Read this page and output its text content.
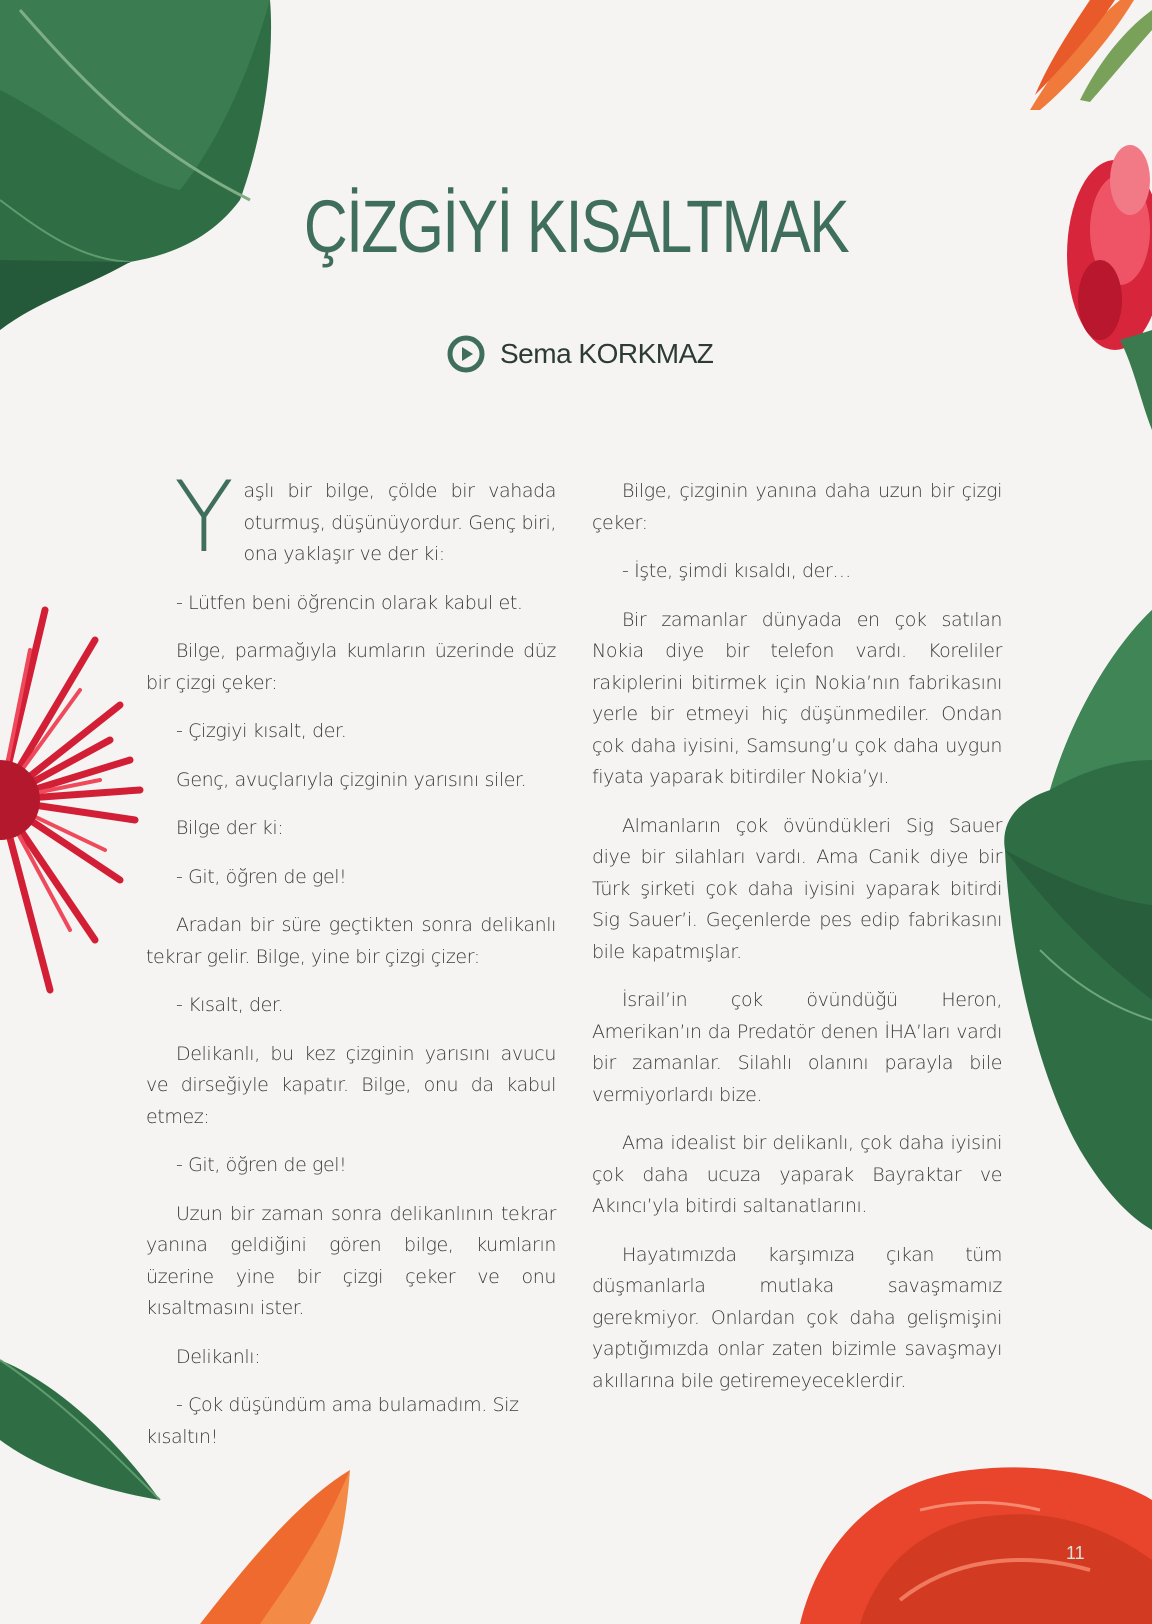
ÇİZGİYİ KISALTMAK
Sema KORKMAZ

Yaşlı bir bilge, çölde bir vahada oturmuş, düşünüyordur. Genç biri, ona yaklaşır ve der ki:

- Lütfen beni öğrencin olarak kabul et.

Bilge, parmağıyla kumların üzerinde düz bir çizgi çeker:

- Çizgiyi kısalt, der.

Genç, avuçlarıyla çizginin yarısını siler.

Bilge der ki:

- Git, öğren de gel!

Aradan bir süre geçtikten sonra delikanlı tekrar gelir. Bilge, yine bir çizgi çizer:

- Kısalt, der.

Delikanlı, bu kez çizginin yarısını avucu ve dirseğiyle kapatır. Bilge, onu da kabul etmez:

- Git, öğren de gel!

Uzun bir zaman sonra delikanlının tekrar yanına geldiğini gören bilge, kumların üzerine yine bir çizgi çeker ve onu kısaltmasını ister.

Delikanlı:

- Çok düşündüm ama bulamadım. Siz kısaltın!

Bilge, çizginin yanına daha uzun bir çizgi çeker:

- İşte, şimdi kısaldı, der…

Bir zamanlar dünyada en çok satılan Nokia diye bir telefon vardı. Koreliler rakiplerini bitirmek için Nokia’nın fabrikasını yerle bir etmeyi hiç düşünmediler. Ondan çok daha iyisini, Samsung’u çok daha uygun fiyata yaparak bitirdiler Nokia’yı.

Almanların çok övündükleri Sig Sauer diye bir silahları vardı. Ama Canik diye bir Türk şirketi çok daha iyisini yaparak bitirdi Sig Sauer’i. Geçenlerde pes edip fabrikasını bile kapatmışlar.

İsrail’in çok övündüğü Heron, Amerikan’ın da Predatör denen İHA’ları vardı bir zamanlar. Silahlı olanını parayla bile vermiyorlardı bize.

Ama idealist bir delikanlı, çok daha iyisini çok daha ucuza yaparak Bayraktar ve Akıncı’yla bitirdi saltanatlarını.

Hayatımızda karşımıza çıkan tüm düşmanlarla mutlaka savaşmamız gerekmiyor. Onlardan çok daha gelişmişini yaptığımızda onlar zaten bizimle savaşmayı akıllarına bile getiremeyeceklerdir.

11
